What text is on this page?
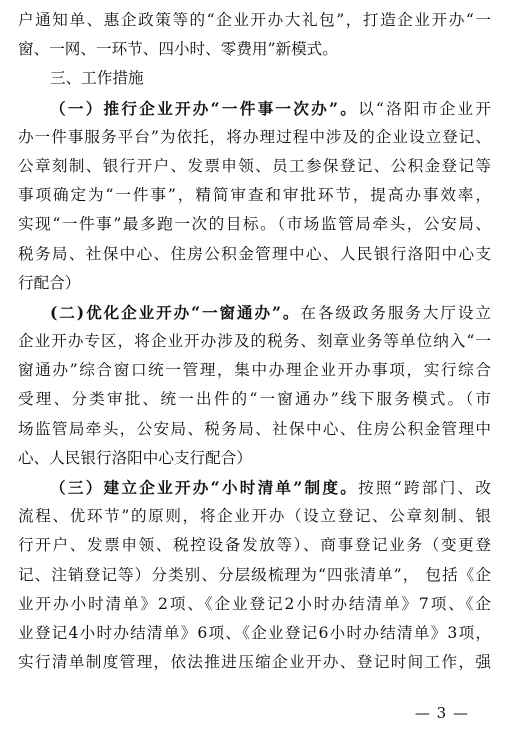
户通知单、惠企政策等的“企业开办大礼包”，打造企业开办“一
窗、一网、一环节、四小时、零费用”新模式。
三、工作措施
（一）推行企业开办“一件事一次办”。以“洛阳市企业开
办一件事服务平台”为依托，将办理过程中涉及的企业设立登记、
公章刻制、银行开户、发票申领、员工参保登记、公积金登记等
事项确定为“一件事”，精简审查和审批环节，提高办事效率，
实现“一件事”最多跑一次的目标。（市场监管局牵头，公安局、
税务局、社保中心、住房公积金管理中心、人民银行洛阳中心支
行配合）
(二)优化企业开办“一窗通办”。在各级政务服务大厅设立
企业开办专区，将企业开办涉及的税务、刻章业务等单位纳入“一
窗通办”综合窗口统一管理，集中办理企业开办事项，实行综合
受理、分类审批、统一出件的“一窗通办”线下服务模式。（市
场监管局牵头，公安局、税务局、社保中心、住房公积金管理中
心、人民银行洛阳中心支行配合）
（三）建立企业开办“小时清单”制度。按照“跨部门、改
流程、优环节”的原则，将企业开办（设立登记、公章刻制、银
行开户、发票申领、税控设备发放等）、商事登记业务（变更登
记、注销登记等）分类别、分层级梳理为“四张清单”， 包括《企
业开办小时清单》2项、《企业登记2小时办结清单》7项、《企
业登记4小时办结清单》6项、《企业登记6小时办结清单》3项，
实行清单制度管理，依法推进压缩企业开办、登记时间工作，强
— 3 —
